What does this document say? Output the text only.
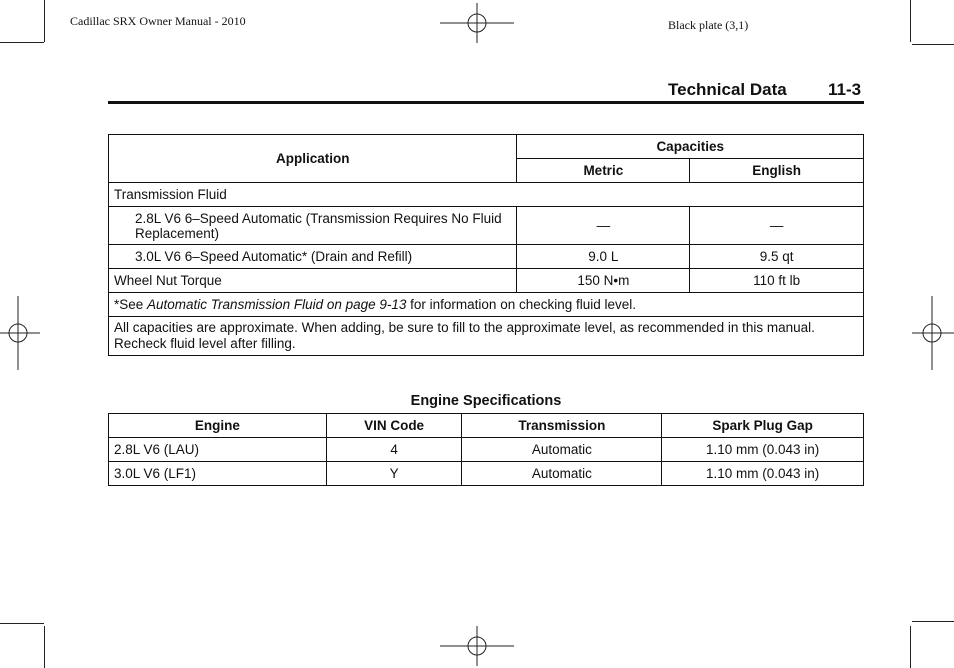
Cadillac SRX Owner Manual - 2010	Black plate (3,1)
Technical Data 11-3
Application	Capacities	
	Metric	English
Transmission Fluid		
2.8L V6 6–Speed Automatic (Transmission Requires No Fluid Replacement)	—	—
3.0L V6 6–Speed Automatic* (Drain and Refill)	9.0 L	9.5 qt
Wheel Nut Torque	150 N•m	110 ft lb
*See Automatic Transmission Fluid on page 9-13 for information on checking fluid level.		
All capacities are approximate. When adding, be sure to fill to the approximate level, as recommended in this manual. Recheck fluid level after filling.		
Engine Specifications
Engine	VIN Code	Transmission	Spark Plug Gap
2.8L V6 (LAU)	4	Automatic	1.10 mm (0.043 in)
3.0L V6 (LF1)	Y	Automatic	1.10 mm (0.043 in)
